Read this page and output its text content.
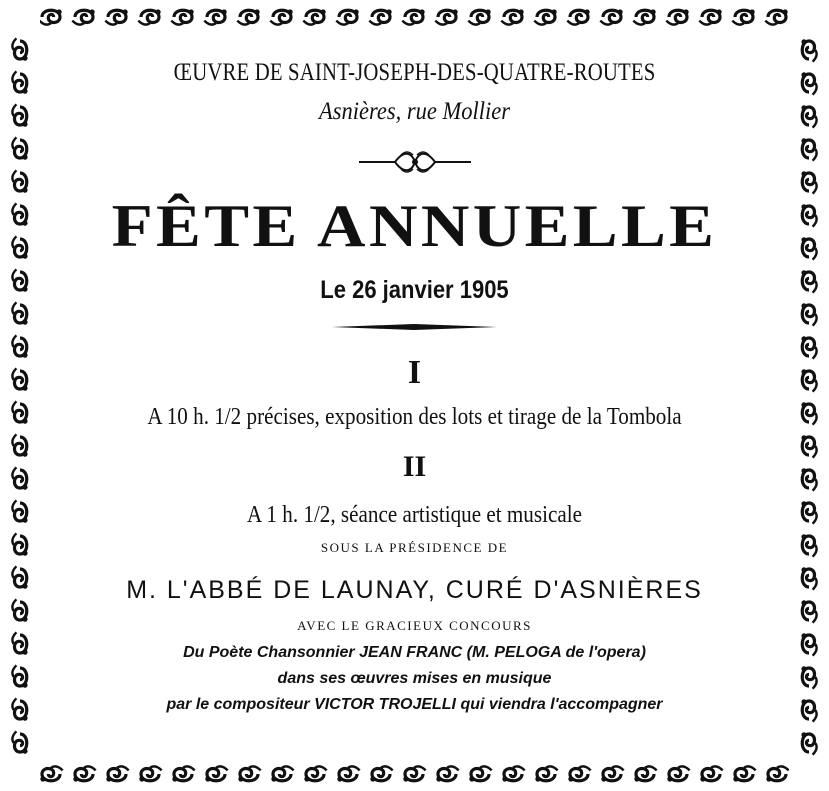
ŒUVRE DE SAINT-JOSEPH-DES-QUATRE-ROUTES
Asnières, rue Mollier
FÊTE ANNUELLE
Le 26 janvier 1905
I
A 10 h. 1/2 précises, exposition des lots et tirage de la Tombola
II
A 1 h. 1/2, séance artistique et musicale
SOUS LA PRÉSIDENCE DE
M. L'ABBÉ DE LAUNAY, CURÉ D'ASNIÈRES
AVEC LE GRACIEUX CONCOURS
Du Poète Chansonnier JEAN FRANC (M. PELOGA de l'opera)
dans ses œuvres mises en musique
par le compositeur VICTOR TROJELLI qui viendra l'accompagner
